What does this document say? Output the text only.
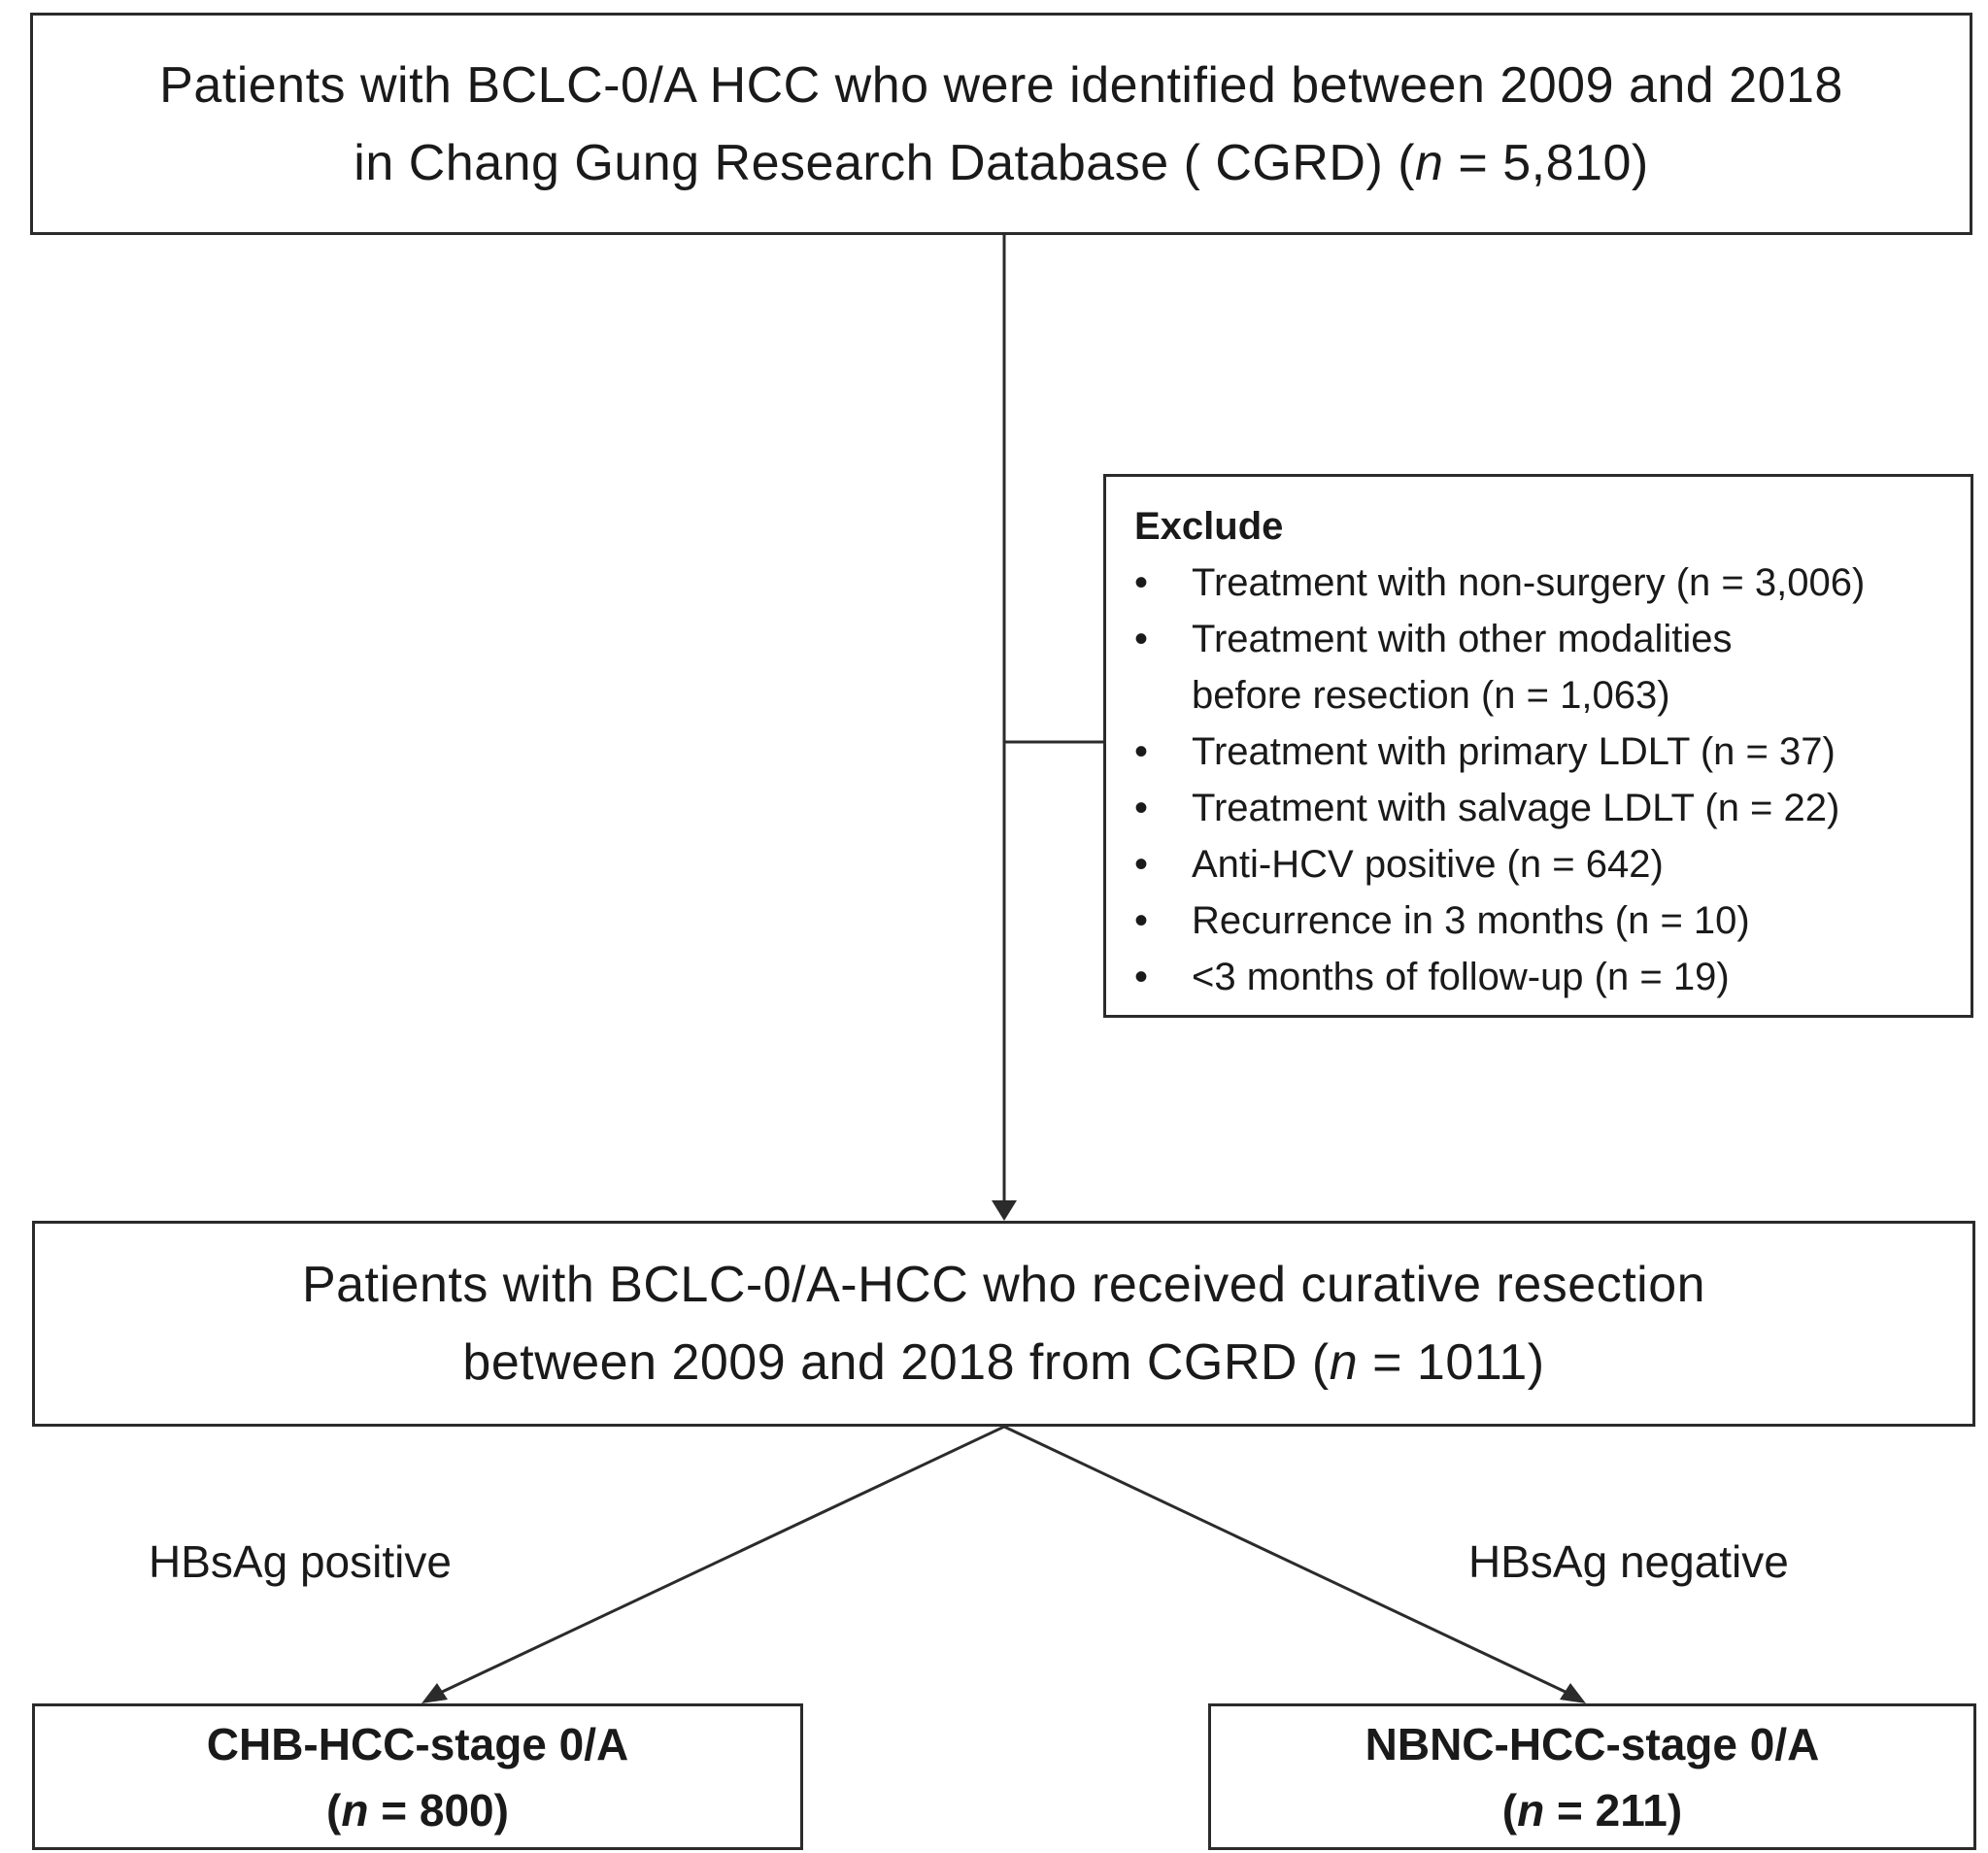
Patients with BCLC-0/A HCC who were identified between 2009 and 2018
in Chang Gung Research Database ( CGRD) (n = 5,810)
Exclude
• Treatment with non-surgery (n = 3,006)
• Treatment with other modalities
before resection (n = 1,063)
• Treatment with primary LDLT (n = 37)
• Treatment with salvage LDLT (n = 22)
• Anti-HCV positive (n = 642)
• Recurrence in 3 months (n = 10)
• <3 months of follow-up (n = 19)
Patients with BCLC-0/A-HCC who received curative resection
between 2009 and 2018 from CGRD (n = 1011)
HBsAg positive	HBsAg negative
CHB-HCC-stage 0/A
(n = 800)
NBNC-HCC-stage 0/A
(n = 211)
